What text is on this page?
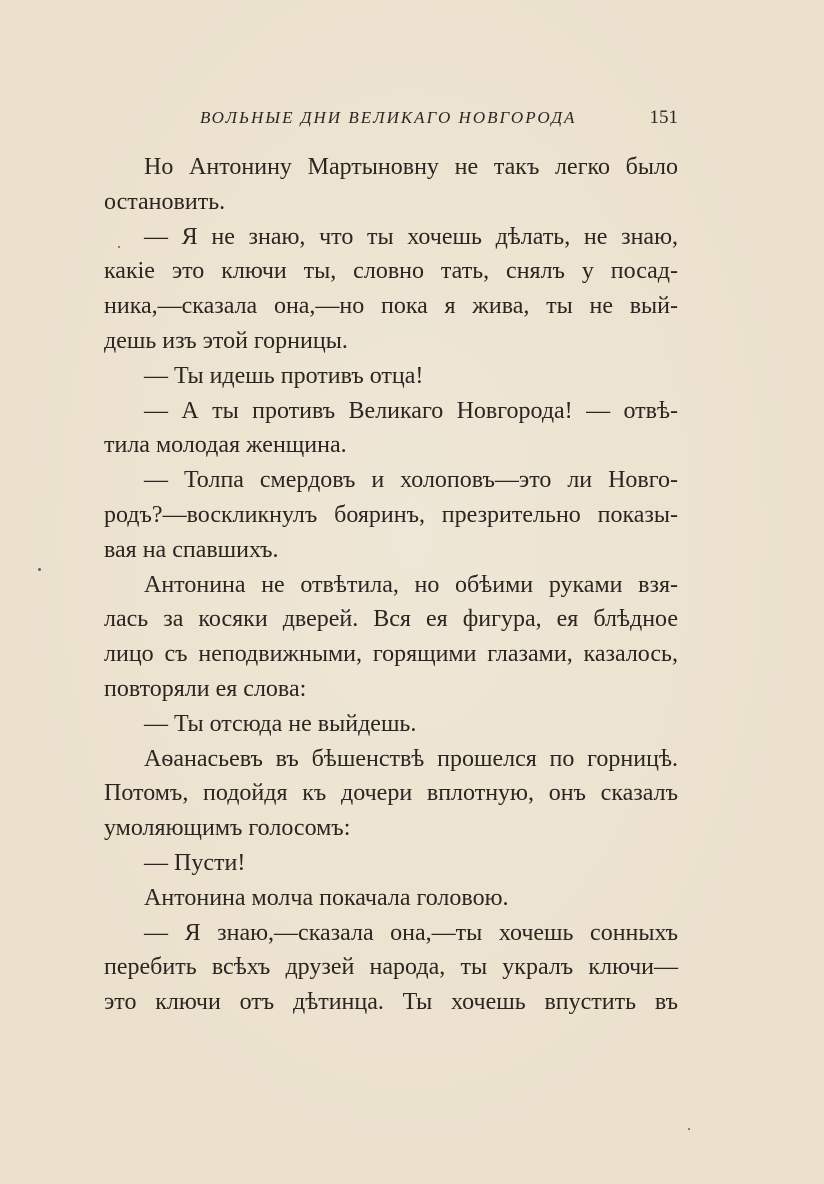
ВОЛЬНЫЕ ДНИ ВЕЛИКАГО НОВГОРОДА	151

Но Антонину Мартыновну не такъ легко было
остановить.

— Я не знаю, что ты хочешь дѣлать, не знаю,
какіе это ключи ты, словно тать, снялъ у посад-
ника,—сказала она,—но пока я жива, ты не вый-
дешь изъ этой горницы.

— Ты идешь противъ отца!

— А ты противъ Великаго Новгорода! — отвѣ-
тила молодая женщина.

— Толпа смердовъ и холоповъ—это ли Новго-
родъ?—воскликнулъ бояринъ, презрительно показы-
вая на спавшихъ.

Антонина не отвѣтила, но обѣими руками взя-
лась за косяки дверей. Вся ея фигура, ея блѣдное
лицо съ неподвижными, горящими глазами, казалось,
повторяли ея слова:

— Ты отсюда не выйдешь.

Аѳанасьевъ въ бѣшенствѣ прошелся по горницѣ.
Потомъ, подойдя къ дочери вплотную, онъ сказалъ
умоляющимъ голосомъ:

— Пусти!

Антонина молча покачала головою.

— Я знаю,—сказала она,—ты хочешь сонныхъ
перебить всѣхъ друзей народа, ты укралъ ключи—
это ключи отъ дѣтинца. Ты хочешь впустить въ
